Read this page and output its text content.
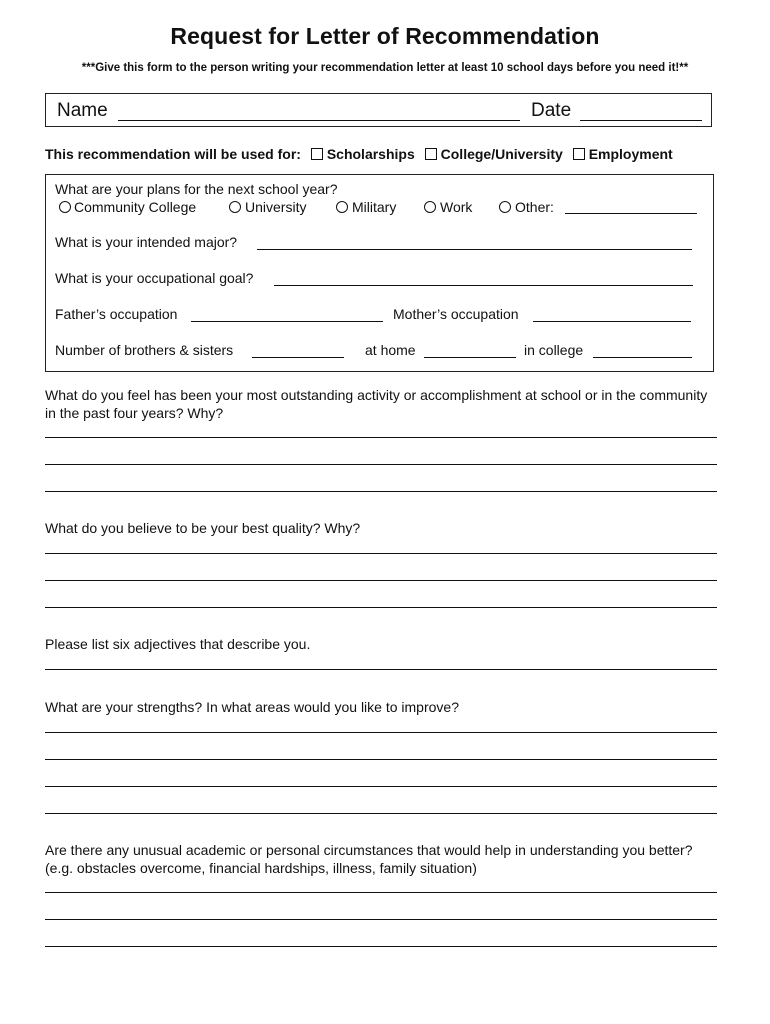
Request for Letter of Recommendation
***Give this form to the person writing your recommendation letter at least 10 school days before you need it!**
Name	Date
This recommendation will be used for: Scholarships College/University Employment
What are your plans for the next school year?
Community College	University	Military	Work	Other:
What is your intended major?
What is your occupational goal?
Father’s occupation	Mother’s occupation
Number of brothers & sisters	at home	in college
What do you feel has been your most outstanding activity or accomplishment at school or in the community in the past four years? Why?
What do you believe to be your best quality? Why?
Please list six adjectives that describe you.
What are your strengths? In what areas would you like to improve?
Are there any unusual academic or personal circumstances that would help in understanding you better? (e.g. obstacles overcome, financial hardships, illness, family situation)
